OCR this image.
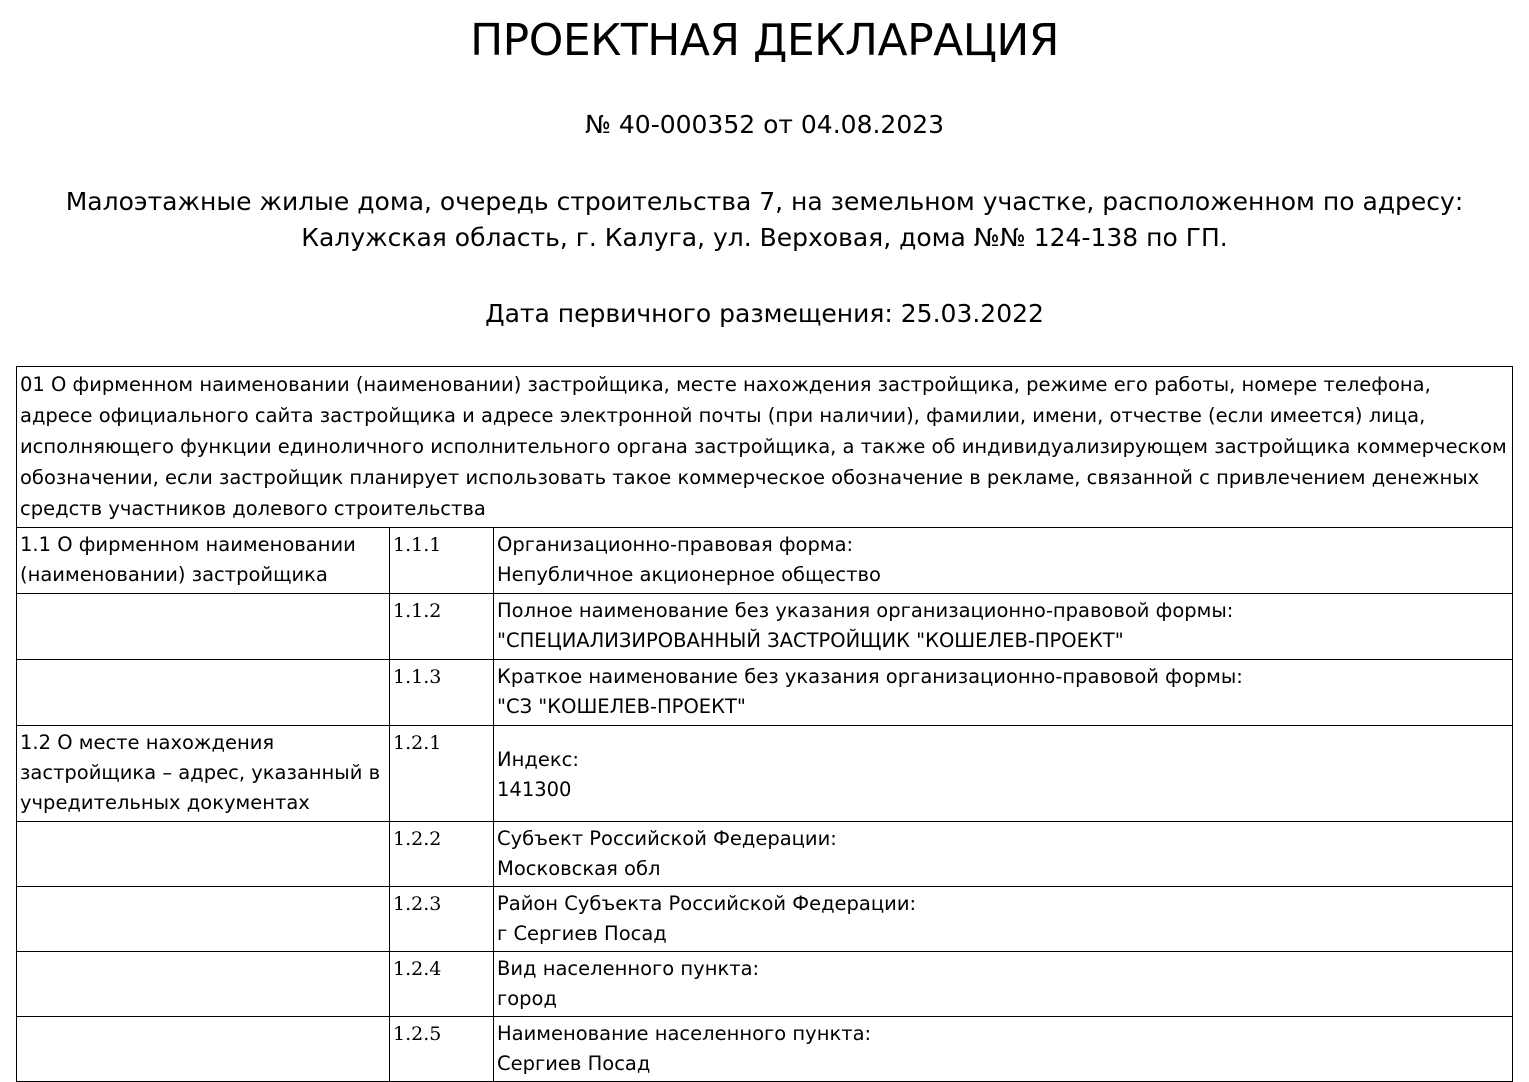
ПРОЕКТНАЯ ДЕКЛАРАЦИЯ
№ 40-000352 от 04.08.2023
Малоэтажные жилые дома, очередь строительства 7, на земельном участке, расположенном по адресу:
Калужская область, г. Калуга, ул. Верховая, дома №№ 124-138 по ГП.
Дата первичного размещения: 25.03.2022
01 О фирменном наименовании (наименовании) застройщика, месте нахождения застройщика, режиме его работы, номере телефона, адресе официального сайта застройщика и адресе электронной почты (при наличии), фамилии, имени, отчестве (если имеется) лица, исполняющего функции единоличного исполнительного органа застройщика, а также об индивидуализирующем застройщика коммерческом обозначении, если застройщик планирует использовать такое коммерческое обозначение в рекламе, связанной с привлечением денежных средств участников долевого строительства		
1.1 О фирменном наименовании (наименовании) застройщика	1.1.1	Организационно-правовая форма:
Непубличное акционерное общество

	1.1.2	Полное наименование без указания организационно-правовой формы:
"СПЕЦИАЛИЗИРОВАННЫЙ ЗАСТРОЙЩИК "КОШЕЛЕВ-ПРОЕКТ"

	1.1.3	Краткое наименование без указания организационно-правовой формы:
"СЗ "КОШЕЛЕВ-ПРОЕКТ"

1.2 О месте нахождения застройщика – адрес, указанный в учредительных документах	1.2.1	Индекс:
141300

	1.2.2	Субъект Российской Федерации:
Московская обл

	1.2.3	Район Субъекта Российской Федерации:
г Сергиев Посад

	1.2.4	Вид населенного пункта:
город

	1.2.5	Наименование населенного пункта:
Сергиев Посад
